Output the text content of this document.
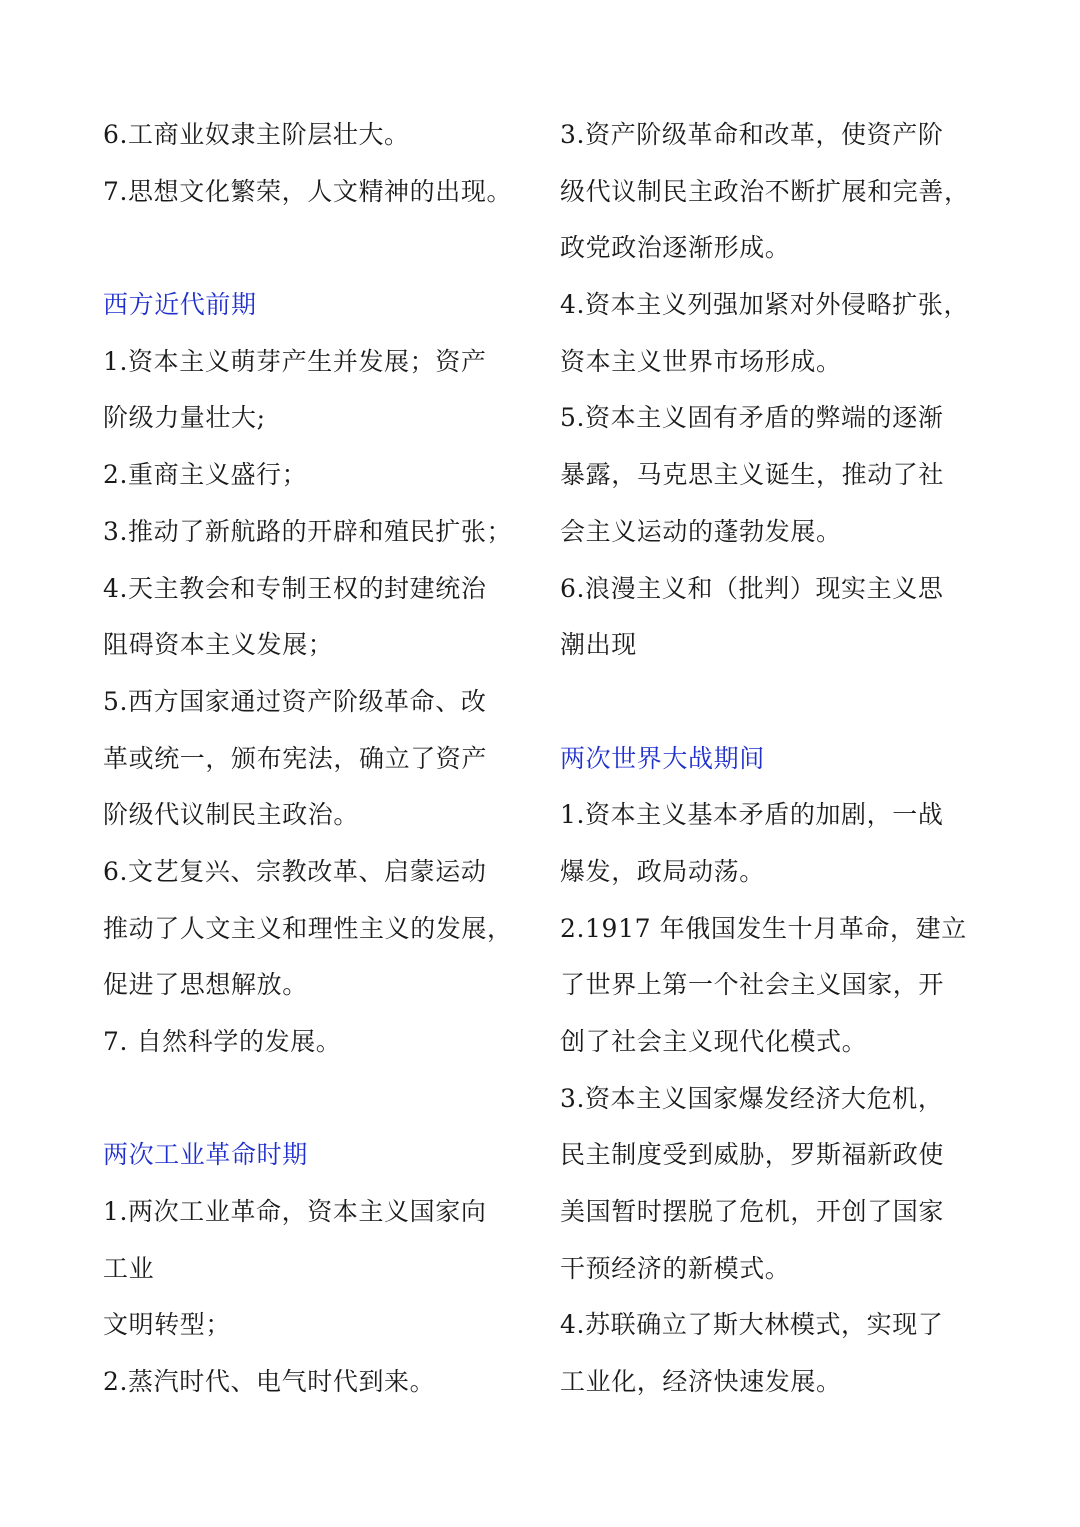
6.工商业奴隶主阶层壮大。
7.思想文化繁荣，人文精神的出现。
西方近代前期
1.资本主义萌芽产生并发展；资产
阶级力量壮大;
2.重商主义盛行；
3.推动了新航路的开辟和殖民扩张；
4.天主教会和专制王权的封建统治
阻碍资本主义发展；
5.西方国家通过资产阶级革命、改
革或统一，颁布宪法，确立了资产
阶级代议制民主政治。
6.文艺复兴、宗教改革、启蒙运动
推动了人文主义和理性主义的发展，
促进了思想解放。
7. 自然科学的发展。
两次工业革命时期
1.两次工业革命，资本主义国家向
工业
文明转型；
2.蒸汽时代、电气时代到来。
3.资产阶级革命和改革，使资产阶
级代议制民主政治不断扩展和完善，
政党政治逐渐形成。
4.资本主义列强加紧对外侵略扩张，
资本主义世界市场形成。
5.资本主义固有矛盾的弊端的逐渐
暴露，马克思主义诞生，推动了社
会主义运动的蓬勃发展。
6.浪漫主义和（批判）现实主义思
潮出现
两次世界大战期间
1.资本主义基本矛盾的加剧，一战
爆发，政局动荡。
2.1917 年俄国发生十月革命，建立
了世界上第一个社会主义国家，开
创了社会主义现代化模式。
3.资本主义国家爆发经济大危机，
民主制度受到威胁，罗斯福新政使
美国暂时摆脱了危机，开创了国家
干预经济的新模式。
4.苏联确立了斯大林模式，实现了
工业化，经济快速发展。
